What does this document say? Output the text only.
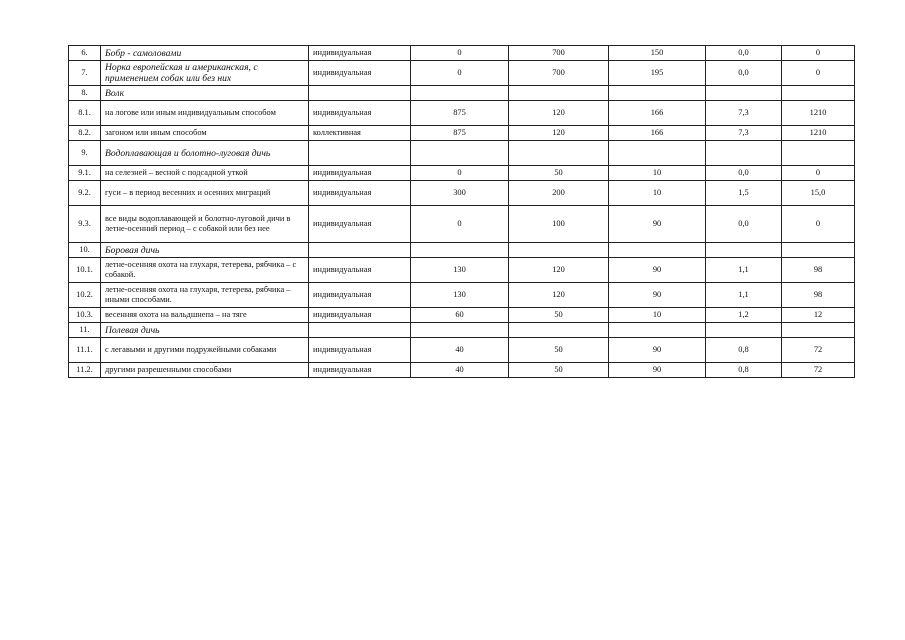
6.	Бобр - самоловами	индивидуальная	0	700	150	0,0	0
7.	Норка европейская и американская, с применением собак или без них	индивидуальная	0	700	195	0,0	0
8.	Волк						
8.1.	на логове или иным индивидуальным способом	индивидуальная	875	120	166	7,3	1210
8.2.	загоном или иным способом	коллективная	875	120	166	7,3	1210
9.	Водоплавающая и болотно-луговая дичь						
9.1.	на селезней – весной с подсадной уткой	индивидуальная	0	50	10	0,0	0
9.2.	гуси – в период весенних и осенних миграций	индивидуальная	300	200	10	1,5	15,0
9.3.	все виды водоплавающей и болотно-луговой дичи в летне-осенний период – с собакой или без нее	индивидуальная	0	100	90	0,0	0
10.	Боровая дичь						
10.1.	летне-осенняя охота на глухаря, тетерева, рябчика – с собакой.	индивидуальная	130	120	90	1,1	98
10.2.	летне-осенняя охота на глухаря, тетерева, рябчика – иными способами.	индивидуальная	130	120	90	1,1	98
10.3.	весенняя охота на вальдшнепа – на тяге	индивидуальная	60	50	10	1,2	12
11.	Полевая дичь						
11.1.	с легавыми и другими подружейными собаками	индивидуальная	40	50	90	0,8	72
11.2.	другими разрешенными способами	индивидуальная	40	50	90	0,8	72
